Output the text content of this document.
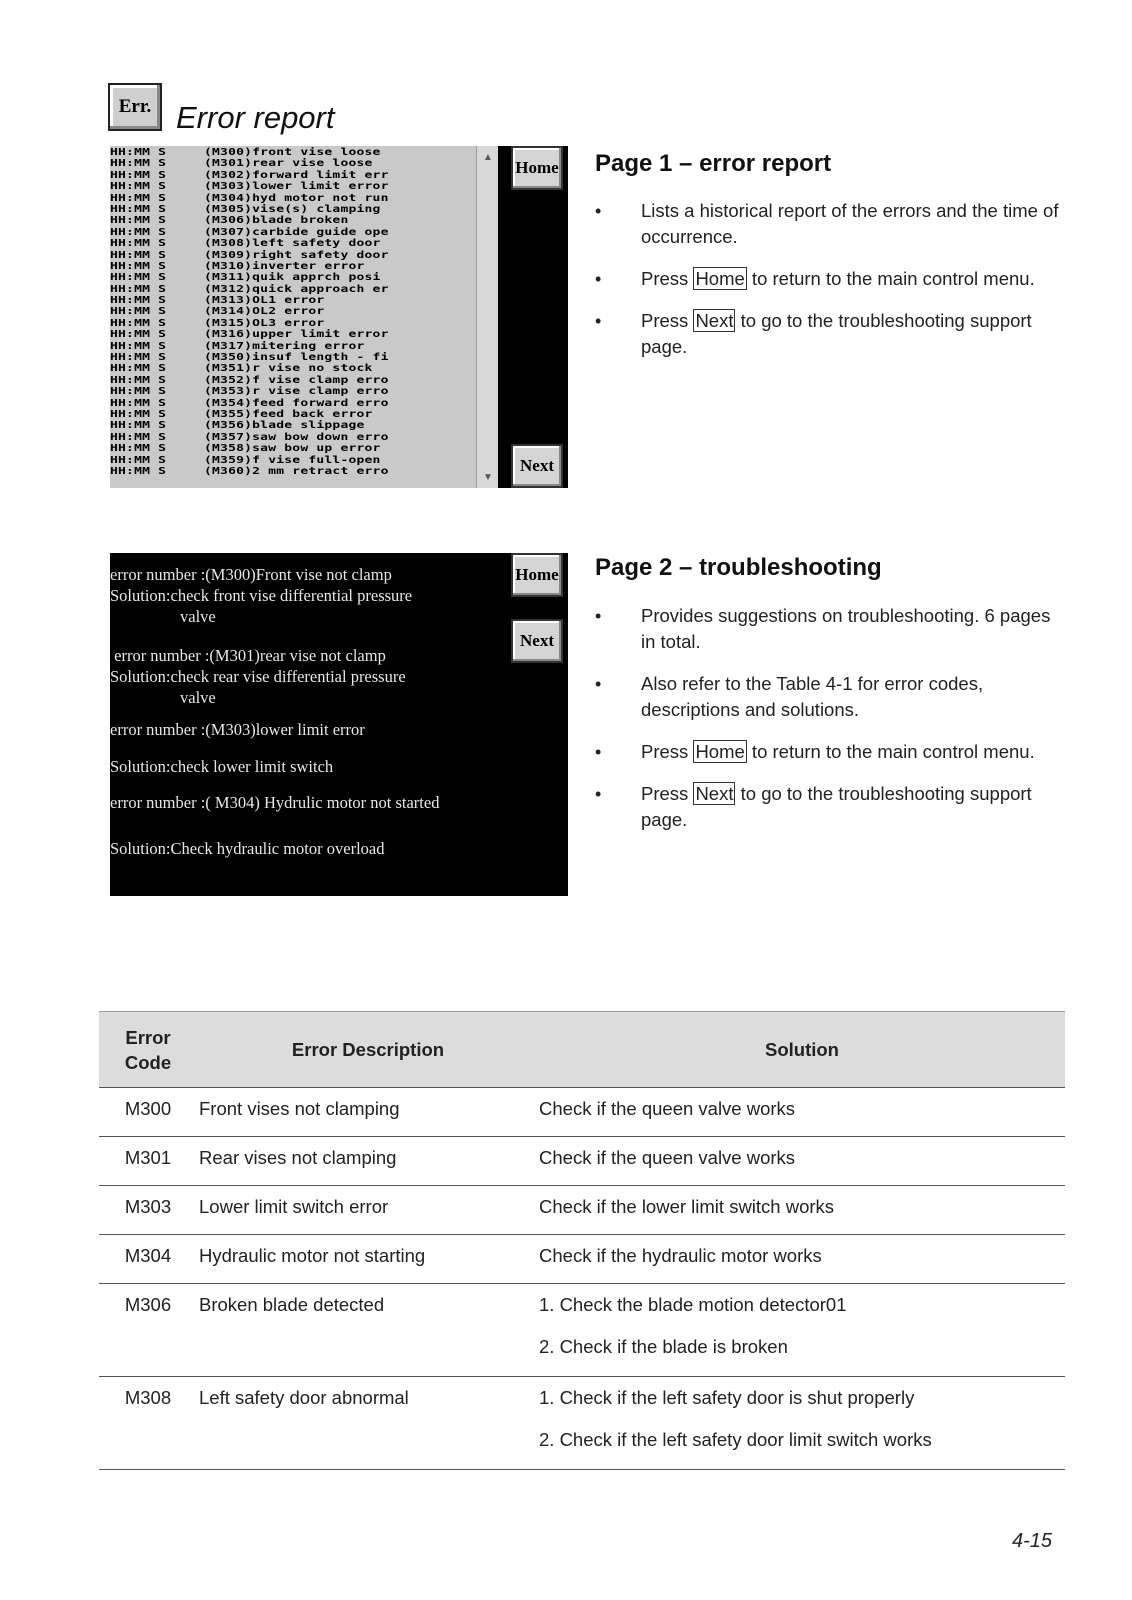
Err. Error report
HH:MM S	(M300)front vise loose
HH:MM S	(M301)rear vise loose
HH:MM S	(M302)forward limit err
HH:MM S	(M303)lower limit error
HH:MM S	(M304)hyd motor not run
HH:MM S	(M305)vise(s) clamping
HH:MM S	(M306)blade broken
HH:MM S	(M307)carbide guide ope
HH:MM S	(M308)left safety door
HH:MM S	(M309)right safety door
HH:MM S	(M310)inverter error
HH:MM S	(M311)quik apprch posi
HH:MM S	(M312)quick approach er
HH:MM S	(M313)OL1 error
HH:MM S	(M314)OL2 error
HH:MM S	(M315)OL3 error
HH:MM S	(M316)upper limit error
HH:MM S	(M317)mitering error
HH:MM S	(M350)insuf length - fi
HH:MM S	(M351)r vise no stock
HH:MM S	(M352)f vise clamp erro
HH:MM S	(M353)r vise clamp erro
HH:MM S	(M354)feed forward erro
HH:MM S	(M355)feed back error
HH:MM S	(M356)blade slippage
HH:MM S	(M357)saw bow down erro
HH:MM S	(M358)saw bow up error
HH:MM S	(M359)f vise full-open
HH:MM S	(M360)2 mm retract erro
▲
▼
Home
Next
error number :(M300)Front vise not clamp
Solution:check front vise differential pressure
valve
error number :(M301)rear vise not clamp
Solution:check rear vise differential pressure
valve
error number :(M303)lower limit error
Solution:check lower limit switch
error number :( M304) Hydrulic motor not started
Solution:Check hydraulic motor overload
Home
Next
Page 1 – error report
• Lists a historical report of the errors and the time of occurrence.
• Press Home to return to the main control menu.
• Press Next to go to the troubleshooting support page.
Page 2 – troubleshooting
• Provides suggestions on troubleshooting. 6 pages in total.
• Also refer to the Table 4-1 for error codes, descriptions and solutions.
• Press Home to return to the main control menu.
• Press Next to go to the troubleshooting support page.
Error
Code	Error Description	Solution
M300	Front vises not clamping	Check if the queen valve works

M301	Rear vises not clamping	Check if the queen valve works

M303	Lower limit switch error	Check if the lower limit switch works

M304	Hydraulic motor not starting	Check if the hydraulic motor works

M306	Broken blade detected	1. Check the blade motion detector01
2. Check if the blade is broken

M308	Left safety door abnormal	1. Check if the left safety door is shut properly
2. Check if the left safety door limit switch works
4-15
